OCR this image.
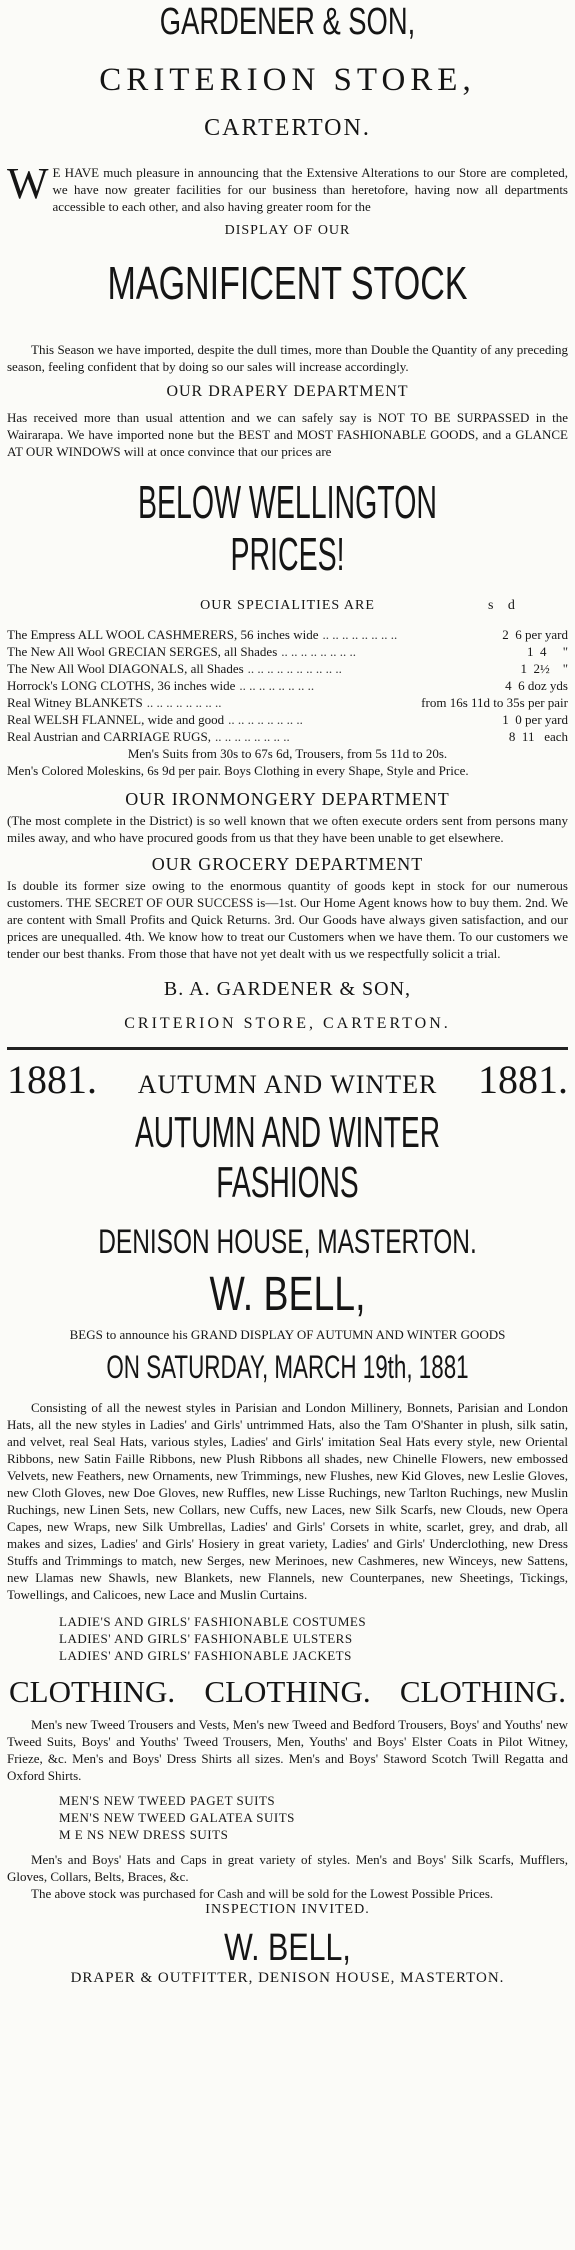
GARDENER & SON,
CRITERION STORE,
CARTERTON.
W E HAVE much pleasure in announcing that the Extensive Alterations to our Store are completed, we have now greater facilities for our business than heretofore, having now all departments accessible to each other, and also having greater room for the
DISPLAY OF OUR
MAGNIFICENT STOCK

This Season we have imported, despite the dull times, more than Double the Quantity of any preceding season, feeling confident that by doing so our sales will increase accordingly.

OUR DRAPERY DEPARTMENT

Has received more than usual attention and we can safely say is NOT TO BE SURPASSED in the Wairarapa. We have imported none but the BEST and MOST FASHIONABLE GOODS, and a GLANCE AT OUR WINDOWS will at once convince that our prices are

BELOW WELLINGTON PRICES!
OUR SPECIALITIES ARE	s   d
The Empress ALL WOOL CASHMERERS, 56 inches wide .. .. .. .. .. .. .. ..	2  6 per yard
The New All Wool GRECIAN SERGES, all Shades .. .. .. .. .. .. .. ..	1  4     "
The New All Wool DIAGONALS, all Shades .. .. .. .. .. .. .. .. .. ..	1  2½    "
Horrock's LONG CLOTHS, 36 inches wide .. .. .. .. .. .. .. ..	4  6 doz yds
Real Witney BLANKETS .. .. .. .. .. .. .. ..	from 16s 11d to 35s per pair
Real WELSH FLANNEL, wide and good .. .. .. .. .. .. .. ..	1  0 per yard
Real Austrian and CARRIAGE RUGS, .. .. .. .. .. .. .. ..	8  11   each
Men's Suits from 30s to 67s 6d, Trousers, from 5s 11d to 20s.
Men's Colored Moleskins, 6s 9d per pair. Boys Clothing in every Shape, Style and Price.
OUR IRONMONGERY DEPARTMENT

(The most complete in the District) is so well known that we often execute orders sent from persons many miles away, and who have procured goods from us that they have been unable to get elsewhere.

OUR GROCERY DEPARTMENT

Is double its former size owing to the enormous quantity of goods kept in stock for our numerous customers. THE SECRET OF OUR SUCCESS is—1st. Our Home Agent knows how to buy them. 2nd. We are content with Small Profits and Quick Returns. 3rd. Our Goods have always given satisfaction, and our prices are unequalled. 4th. We know how to treat our Customers when we have them. To our customers we tender our best thanks. From those that have not yet dealt with us we respectfully solicit a trial.

B. A. GARDENER & SON,
CRITERION STORE, CARTERTON.
1881. AUTUMN AND WINTER 1881.
AUTUMN AND WINTER FASHIONS
DENISON HOUSE, MASTERTON.
W. BELL,
BEGS to announce his GRAND DISPLAY OF AUTUMN AND WINTER GOODS
ON SATURDAY, MARCH 19th, 1881

Consisting of all the newest styles in Parisian and London Millinery, Bonnets, Parisian and London Hats, all the new styles in Ladies' and Girls' untrimmed Hats, also the Tam O'Shanter in plush, silk satin, and velvet, real Seal Hats, various styles, Ladies' and Girls' imitation Seal Hats every style, new Oriental Ribbons, new Satin Faille Ribbons, new Plush Ribbons all shades, new Chinelle Flowers, new embossed Velvets, new Feathers, new Ornaments, new Trimmings, new Flushes, new Kid Gloves, new Leslie Gloves, new Cloth Gloves, new Doe Gloves, new Ruffles, new Lisse Ruchings, new Tarlton Ruchings, new Muslin Ruchings, new Linen Sets, new Collars, new Cuffs, new Laces, new Silk Scarfs, new Clouds, new Opera Capes, new Wraps, new Silk Umbrellas, Ladies' and Girls' Corsets in white, scarlet, grey, and drab, all makes and sizes, Ladies' and Girls' Hosiery in great variety, Ladies' and Girls' Underclothing, new Dress Stuffs and Trimmings to match, new Serges, new Merinoes, new Cashmeres, new Winceys, new Sattens, new Llamas new Shawls, new Blankets, new Flannels, new Counterpanes, new Sheetings, Tickings, Towellings, and Calicoes, new Lace and Muslin Curtains.

LADIE'S AND GIRLS' FASHIONABLE COSTUMES
LADIES' AND GIRLS' FASHIONABLE ULSTERS
LADIES' AND GIRLS' FASHIONABLE JACKETS
CLOTHING. CLOTHING. CLOTHING.

Men's new Tweed Trousers and Vests, Men's new Tweed and Bedford Trousers, Boys' and Youths' new Tweed Suits, Boys' and Youths' Tweed Trousers, Men, Youths' and Boys' Elster Coats in Pilot Witney, Frieze, &c. Men's and Boys' Dress Shirts all sizes. Men's and Boys' Staword Scotch Twill Regatta and Oxford Shirts.

MEN'S NEW TWEED PAGET SUITS
MEN'S NEW TWEED GALATEA SUITS
M E NS NEW DRESS SUITS

Men's and Boys' Hats and Caps in great variety of styles. Men's and Boys' Silk Scarfs, Mufflers, Gloves, Collars, Belts, Braces, &c.

The above stock was purchased for Cash and will be sold for the Lowest Possible Prices.

INSPECTION INVITED.
W. BELL,
DRAPER & OUTFITTER, DENISON HOUSE, MASTERTON.
